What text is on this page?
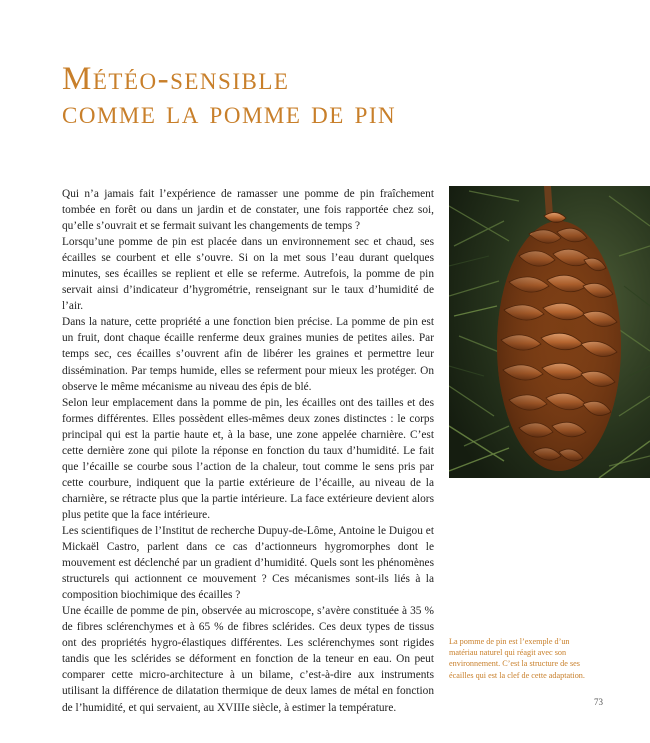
Météo-sensible
comme la pomme de pin

Qui n’a jamais fait l’expérience de ramasser une pomme de pin fraîchement tombée en forêt ou dans un jardin et de constater, une fois rapportée chez soi, qu’elle s’ouvrait et se fermait suivant les changements de temps ?

Lorsqu’une pomme de pin est placée dans un environnement sec et chaud, ses écailles se courbent et elle s’ouvre. Si on la met sous l’eau durant quelques minutes, ses écailles se replient et elle se referme. Autrefois, la pomme de pin servait ainsi d’indicateur d’hygrométrie, renseignant sur le taux d’humidité de l’air.

Dans la nature, cette propriété a une fonction bien précise. La pomme de pin est un fruit, dont chaque écaille renferme deux graines munies de petites ailes. Par temps sec, ces écailles s’ouvrent afin de libérer les graines et permettre leur dissémination. Par temps humide, elles se referment pour mieux les protéger. On observe le même mécanisme au niveau des épis de blé.

Selon leur emplacement dans la pomme de pin, les écailles ont des tailles et des formes différentes. Elles possèdent elles-mêmes deux zones distinctes : le corps principal qui est la partie haute et, à la base, une zone appelée charnière. C’est cette dernière zone qui pilote la réponse en fonction du taux d’humidité. Le fait que l’écaille se courbe sous l’action de la chaleur, tout comme le sens pris par cette courbure, indiquent que la partie extérieure de l’écaille, au niveau de la charnière, se rétracte plus que la partie intérieure. La face extérieure devient alors plus petite que la face intérieure.

Les scientifiques de l’Institut de recherche Dupuy-de-Lôme, Antoine le Duigou et Mickaël Castro, parlent dans ce cas d’actionneurs hygromorphes dont le mouvement est déclenché par un gradient d’humidité. Quels sont les phénomènes structurels qui actionnent ce mouvement ? Ces mécanismes sont-ils liés à la composition biochimique des écailles ?

Une écaille de pomme de pin, observée au microscope, s’avère constituée à 35 % de fibres sclérenchymes et à 65 % de fibres sclérides. Ces deux types de tissus ont des propriétés hygro-élastiques différentes. Les sclérenchymes sont rigides tandis que les sclérides se déforment en fonction de la teneur en eau. On peut comparer cette micro-architecture à un bilame, c’est-à-dire aux instruments utilisant la différence de dilatation thermique de deux lames de métal en fonction de l’humidité, et qui servaient, au XVIIIe siècle, à estimer la température.

La pomme de pin est l’exemple d’un matériau naturel qui réagit avec son environnement. C’est la structure de ses écailles qui est la clef de cette adaptation.
73
